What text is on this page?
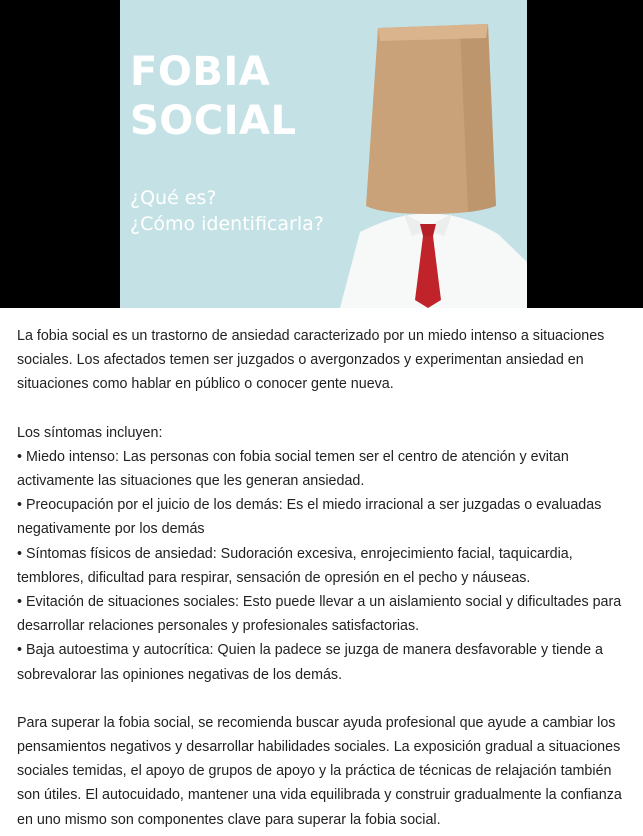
FOBIA
SOCIAL
¿Qué es?
¿Cómo identificarla?

La fobia social es un trastorno de ansiedad caracterizado por un miedo intenso a situaciones sociales. Los afectados temen ser juzgados o avergonzados y experimentan ansiedad en situaciones como hablar en público o conocer gente nueva.

Los síntomas incluyen:

• Miedo intenso: Las personas con fobia social temen ser el centro de atención y evitan activamente las situaciones que les generan ansiedad.

• Preocupación por el juicio de los demás: Es el miedo irracional a ser juzgadas o evaluadas negativamente por los demás

• Síntomas físicos de ansiedad: Sudoración excesiva, enrojecimiento facial, taquicardia, temblores, dificultad para respirar, sensación de opresión en el pecho y náuseas.

• Evitación de situaciones sociales: Esto puede llevar a un aislamiento social y dificultades para desarrollar relaciones personales y profesionales satisfactorias.

• Baja autoestima y autocrítica: Quien la padece se juzga de manera desfavorable y tiende a sobrevalorar las opiniones negativas de los demás.

Para superar la fobia social, se recomienda buscar ayuda profesional que ayude a cambiar los pensamientos negativos y desarrollar habilidades sociales. La exposición gradual a situaciones sociales temidas, el apoyo de grupos de apoyo y la práctica de técnicas de relajación también son útiles. El autocuidado, mantener una vida equilibrada y construir gradualmente la confianza en uno mismo son componentes clave para superar la fobia social.
